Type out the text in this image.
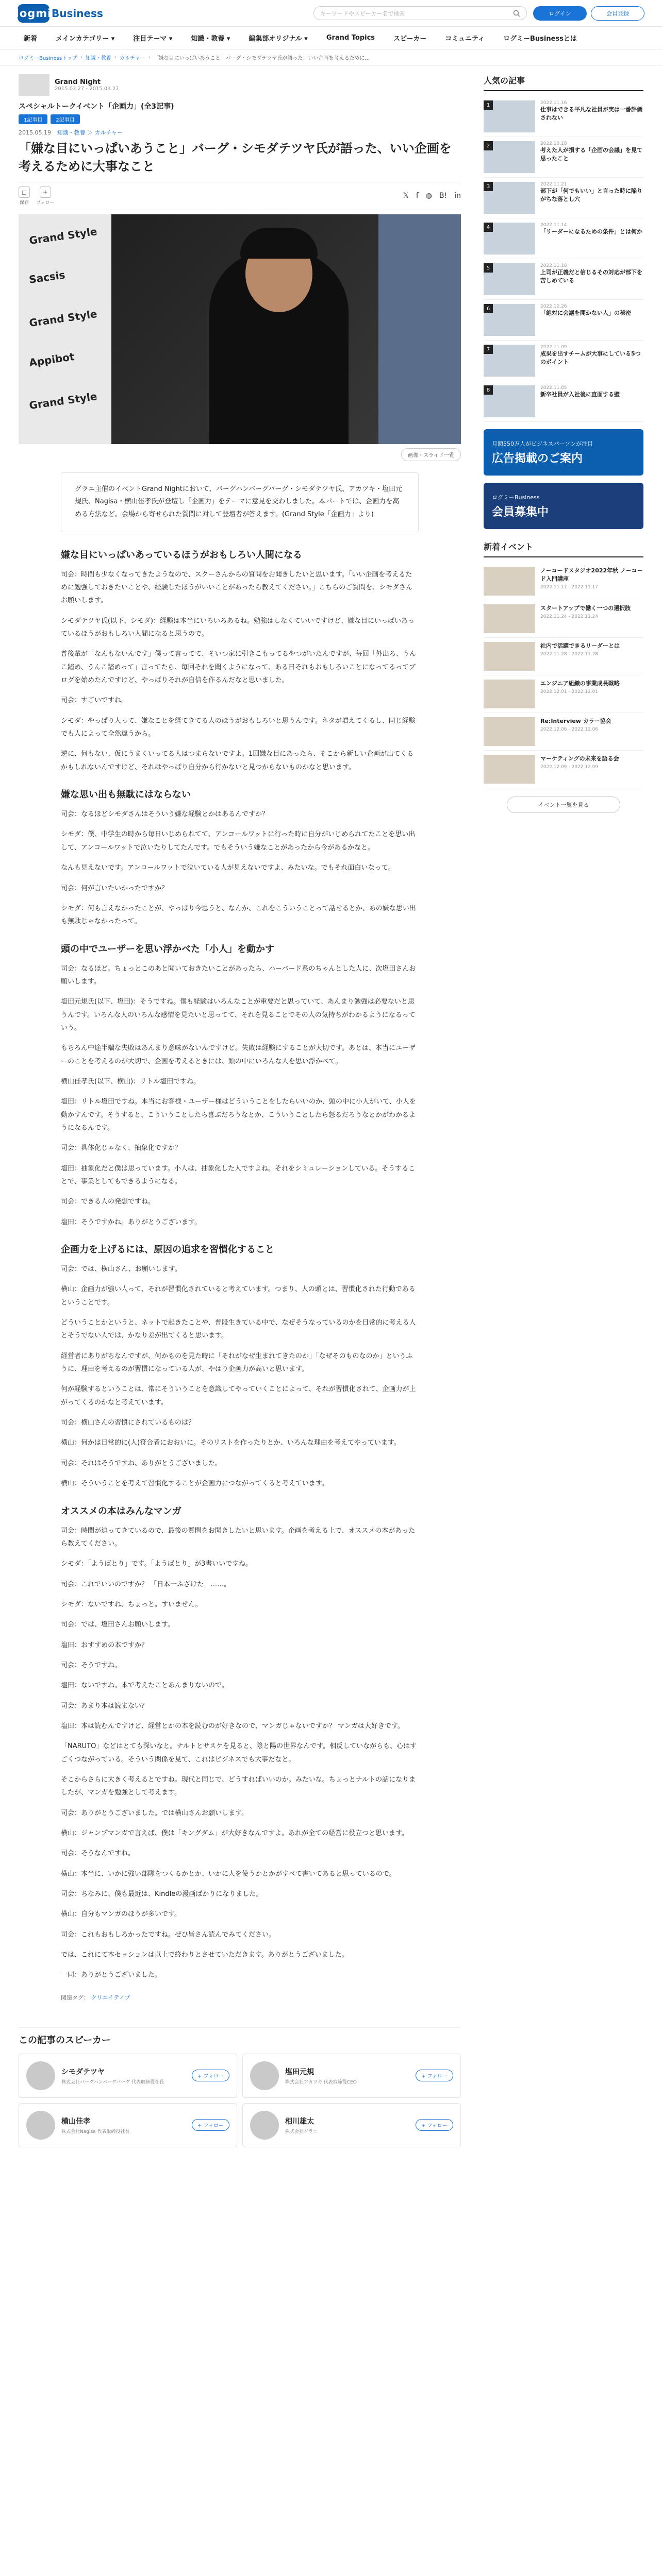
logmi Business	キーワードやスピーカー名で検索	ログイン	会員登録
新着	メインカテゴリー ▾	注目テーマ ▾	知識・教養 ▾	編集部オリジナル ▾	Grand Topics	スピーカー	コミュニティ	ログミーBusinessとは
ログミーBusinessトップ › 知識・教養 › カルチャー › 「嫌な目にいっぱいあうこと」バーグ・シモダテツヤ氏が語った、いい企画を考えるために...
Grand Night
2015.03.27 - 2015.03.27
スペシャルトークイベント「企画力」(全3記事)
1記事目	2記事目
2015.05.19 知識・教養 ＞ カルチャー
「嫌な目にいっぱいあうこと」バーグ・シモダテツヤ氏が語った、いい企画を考えるために大事なこと
◻
保存
+
フォロー
𝕏 f ◍ B! in
Grand Style
Sacsis
Grand Style
Appibot
Grand Style
画像・スライド一覧
グラニ主催のイベントGrand Nightにおいて、バーグハンバーグバーグ・シモダテツヤ氏、アカツキ・塩田元規氏、Nagisa・横山佳孝氏が登壇し「企画力」をテーマに意見を交わしました。本パートでは、企画力を高める方法など。会場から寄せられた質問に対して登壇者が答えます。(Grand Style「企画力」より)
嫌な目にいっぱいあっているほうがおもしろい人間になる

司会：時間も少なくなってきたようなので、スクーさんからの質問をお聞きしたいと思います。「いい企画を考えるために勉強しておきたいことや、経験したほうがいいことがあったら教えてください。」こちらのご質問を、シモダさんお願いします。

シモダテツヤ氏(以下、シモダ)：経験は本当にいろいろあるね。勉強はしなくていいですけど、嫌な目にいっぱいあっているほうがおもしろい人間になると思うので。

普後輩が「なんもないんです」僕って言ってて、そいつ家に引きこもってるやつがいたんですが、毎回「外出ろ、うんこ踏め、うんこ踏めって」言ってたら、毎回それを聞くようになって、ある日それもおもしろいことになってるってブログを始めたんですけど、やっぱりそれが自信を作るんだなと思いました。

司会：すごいですね。

シモダ：やっぱり人って、嫌なことを経てきてる人のほうがおもしろいと思うんです。ネタが増えてくるし、同じ経験でも人によって全然違うから。

逆に、何もない、仮にうまくいってる人はつまらないですよ。1回嫌な目にあったら、そこから新しい企画が出てくるかもしれないんですけど、それはやっぱり自分から行かないと見つからないものかなと思います。

嫌な思い出も無駄にはならない

司会：なるほどシモダさんはそういう嫌な経験とかはあるんですか？

シモダ：僕、中学生の時から毎日いじめられてて、アンコールワットに行った時に自分がいじめられてたことを思い出して、アンコールワットで泣いたりしてたんです。でもそういう嫌なことがあったから今があるかなと。

なんも見えないです。アンコールワットで泣いている人が見えないですよ、みたいな。でもそれ面白いなって。

司会：何が言いたいかったですか？

シモダ：何も言えなかったことが、やっぱり今思うと、なんか、これをこういうことって話せるとか、あの嫌な思い出も無駄じゃなかったって。

頭の中でユーザーを思い浮かべた「小人」を動かす

司会：なるほど。ちょっとこのあと聞いておきたいことがあったら、ハーバード系のちゃんとした人に、次塩田さんお願いします。

塩田元規氏(以下、塩田)：そうですね。僕も経験はいろんなことが重要だと思っていて、あんまり勉強は必要ないと思うんです。いろんな人のいろんな感情を見たいと思ってて、それを見ることでその人の気持ちがわかるようになるっていう。

もちろん中途半端な失敗はあんまり意味がないんですけど。失敗は経験にすることが大切です。あとは、本当にユーザーのことを考えるのが大切で、企画を考えるときには、頭の中にいろんな人を思い浮かべて。

横山佳孝氏(以下、横山)：リトル塩田ですね。

塩田：リトル塩田ですね。本当にお客様・ユーザー様はどういうことをしたらいいのか、頭の中に小人がいて、小人を動かすんです。そうすると、こういうことしたら喜ぶだろうなとか、こういうことしたら怒るだろうなとかがわかるようになるんです。

司会：具体化じゃなく、抽象化ですか？

塩田：抽象化だと僕は思っています。小人は、抽象化した人ですよね。それをシミュレーションしている。そうすることで、事業としてもできるようになる。

司会：できる人の発想ですね。

塩田：そうですかね。ありがとうございます。

企画力を上げるには、原因の追求を習慣化すること

司会：では、横山さん、お願いします。

横山：企画力が強い人って、それが習慣化されていると考えています。つまり、人の頭とは、習慣化された行動であるということです。

どういうことかというと、ネットで起きたことや、普段生きている中で、なぜそうなっているのかを日常的に考える人とそうでない人では、かなり差が出てくると思います。

経営者にありがちなんですが、何かものを見た時に「それがなぜ生まれてきたのか」「なぜそのものなのか」というふうに、理由を考えるのが習慣になっている人が、やはり企画力が高いと思います。

何が経験するということは、常にそういうことを意識してやっていくことによって、それが習慣化されて、企画力が上がってくるのかなと考えています。

司会：横山さんの習慣にされているものは？

横山：何かは日常的に(人)符合者におおいに。そのリストを作ったりとか、いろんな理由を考えてやっています。

司会：それはそうですね、ありがとうございました。

横山：そういうことを考えて習慣化することが企画力につながってくると考えています。

オススメの本はみんなマンガ

司会：時間が迫ってきているので、最後の質問をお聞きしたいと思います。企画を考える上で、オススメの本があったら教えてください。

シモダ：「ようばとり」です。「ようばとり」が3書いいですね。

司会：これでいいのですか？ 「日本一ふざけた」……。

シモダ：ないですね、ちょっと。すいません。

司会：では、塩田さんお願いします。

塩田：おすすめの本ですか？

司会：そうですね。

塩田：ないですね。本で考えたことあんまりないので。

司会：あまり本は読まない？

塩田：本は読むんですけど、経営とかの本を読むのが好きなので、マンガじゃないですか？ マンガは大好きです。

「NARUTO」などはとても深いなと。ナルトとサスケを見ると、陰と陽の世界なんです。相反していながらも、心はすごくつながっている。そういう関係を見て、これはビジネスでも大事だなと。

そこからさらに大きく考えるとですね。現代と同じで、どうすればいいのか。みたいな。ちょっとナルトの話になりましたが、マンガを勉強として考えます。

司会：ありがとうございました。では横山さんお願いします。

横山：ジャンプマンガで言えば、僕は「キングダム」が大好きなんですよ。あれが全ての経営に役立つと思います。

司会：そうなんですね。

横山：本当に、いかに強い部隊をつくるかとか、いかに人を使うかとかがすべて書いてあると思っているので。

司会：ちなみに、僕も最近は、Kindleの漫画ばかりになりました。

横山：自分もマンガのほうが多いです。

司会：これもおもしろかったですね。ぜひ皆さん読んでみてください。

では、これにて本セッションは以上で終わりとさせていただきます。ありがとうございました。

一同：ありがとうございました。

関連タグ： クリエイティブ
この記事のスピーカー
シモダテツヤ
株式会社バーグハンバーグバーグ 代表取締役社長
+ フォロー
塩田元規
株式会社アカツキ 代表取締役CEO
+ フォロー
横山佳孝
株式会社Nagisa 代表取締役社長
+ フォロー
相川雄太
株式会社グラニ
+ フォロー
人気の記事
1	2022.11.16
仕事はできる平凡な社員が実は一番評価されない
2	2022.10.18
考えた人が損する「企画の会議」を見て思ったこと
3	2022.11.21
部下が「何でもいい」と言った時に陥りがちな落とし穴
4	2022.11.14
「リーダーになるための条件」とは何か
5	2022.11.18
上司が正義だと信じるその対応が部下を苦しめている
6	2022.10.26
「絶対に会議を開かない人」の秘密
7	2022.11.09
成果を出すチームが大事にしている5つのポイント
8	2022.11.05
新卒社員が入社後に直面する壁
月額550万人がビジネスパーソンが注目
広告掲載のご案内
ログミーBusiness
会員募集中
新着イベント
ノーコードスタジオ2022年秋 ノーコード入門講座
2022.11.17 - 2022.11.17
スタートアップで働く一つの選択肢
2022.11.24 - 2022.11.24
社内で活躍できるリーダーとは
2022.11.28 - 2022.11.28
エンジニア組織の事業成長戦略
2022.12.01 - 2022.12.01
Re:Interview カラー協会
2022.12.06 - 2022.12.06
マーケティングの未来を語る会
2022.12.09 - 2022.12.09
イベント一覧を見る
